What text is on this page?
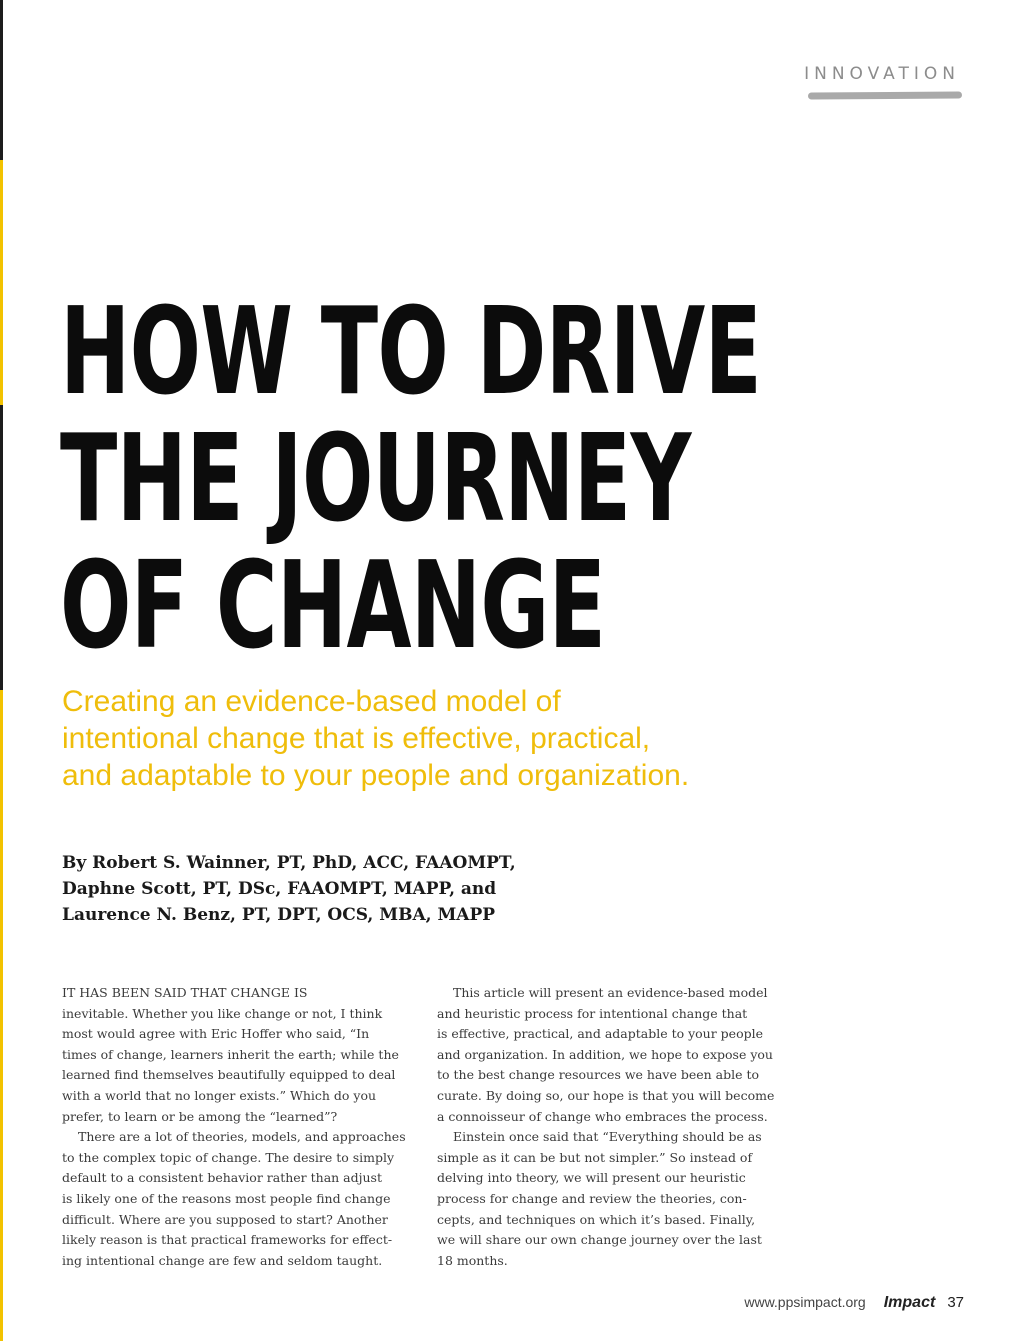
INNOVATION
HOW TO DRIVE
THE JOURNEY
OF CHANGE
Creating an evidence-based model of
intentional change that is effective, practical,
and adaptable to your people and organization.
By Robert S. Wainner, PT, PhD, ACC, FAAOMPT,
Daphne Scott, PT, DSc, FAAOMPT, MAPP, and
Laurence N. Benz, PT, DPT, OCS, MBA, MAPP
IT HAS BEEN SAID THAT CHANGE IS
inevitable. Whether you like change or not, I think
most would agree with Eric Hoffer who said, “In
times of change, learners inherit the earth; while the
learned find themselves beautifully equipped to deal
with a world that no longer exists.” Which do you
prefer, to learn or be among the “learned”?
There are a lot of theories, models, and approaches
to the complex topic of change. The desire to simply
default to a consistent behavior rather than adjust
is likely one of the reasons most people find change
difficult. Where are you supposed to start? Another
likely reason is that practical frameworks for effect-
ing intentional change are few and seldom taught.
This article will present an evidence-based model
and heuristic process for intentional change that
is effective, practical, and adaptable to your people
and organization. In addition, we hope to expose you
to the best change resources we have been able to
curate. By doing so, our hope is that you will become
a connoisseur of change who embraces the process.
Einstein once said that “Everything should be as
simple as it can be but not simpler.” So instead of
delving into theory, we will present our heuristic
process for change and review the theories, con-
cepts, and techniques on which it’s based. Finally,
we will share our own change journey over the last
18 months.
www.ppsimpact.org Impact 37
